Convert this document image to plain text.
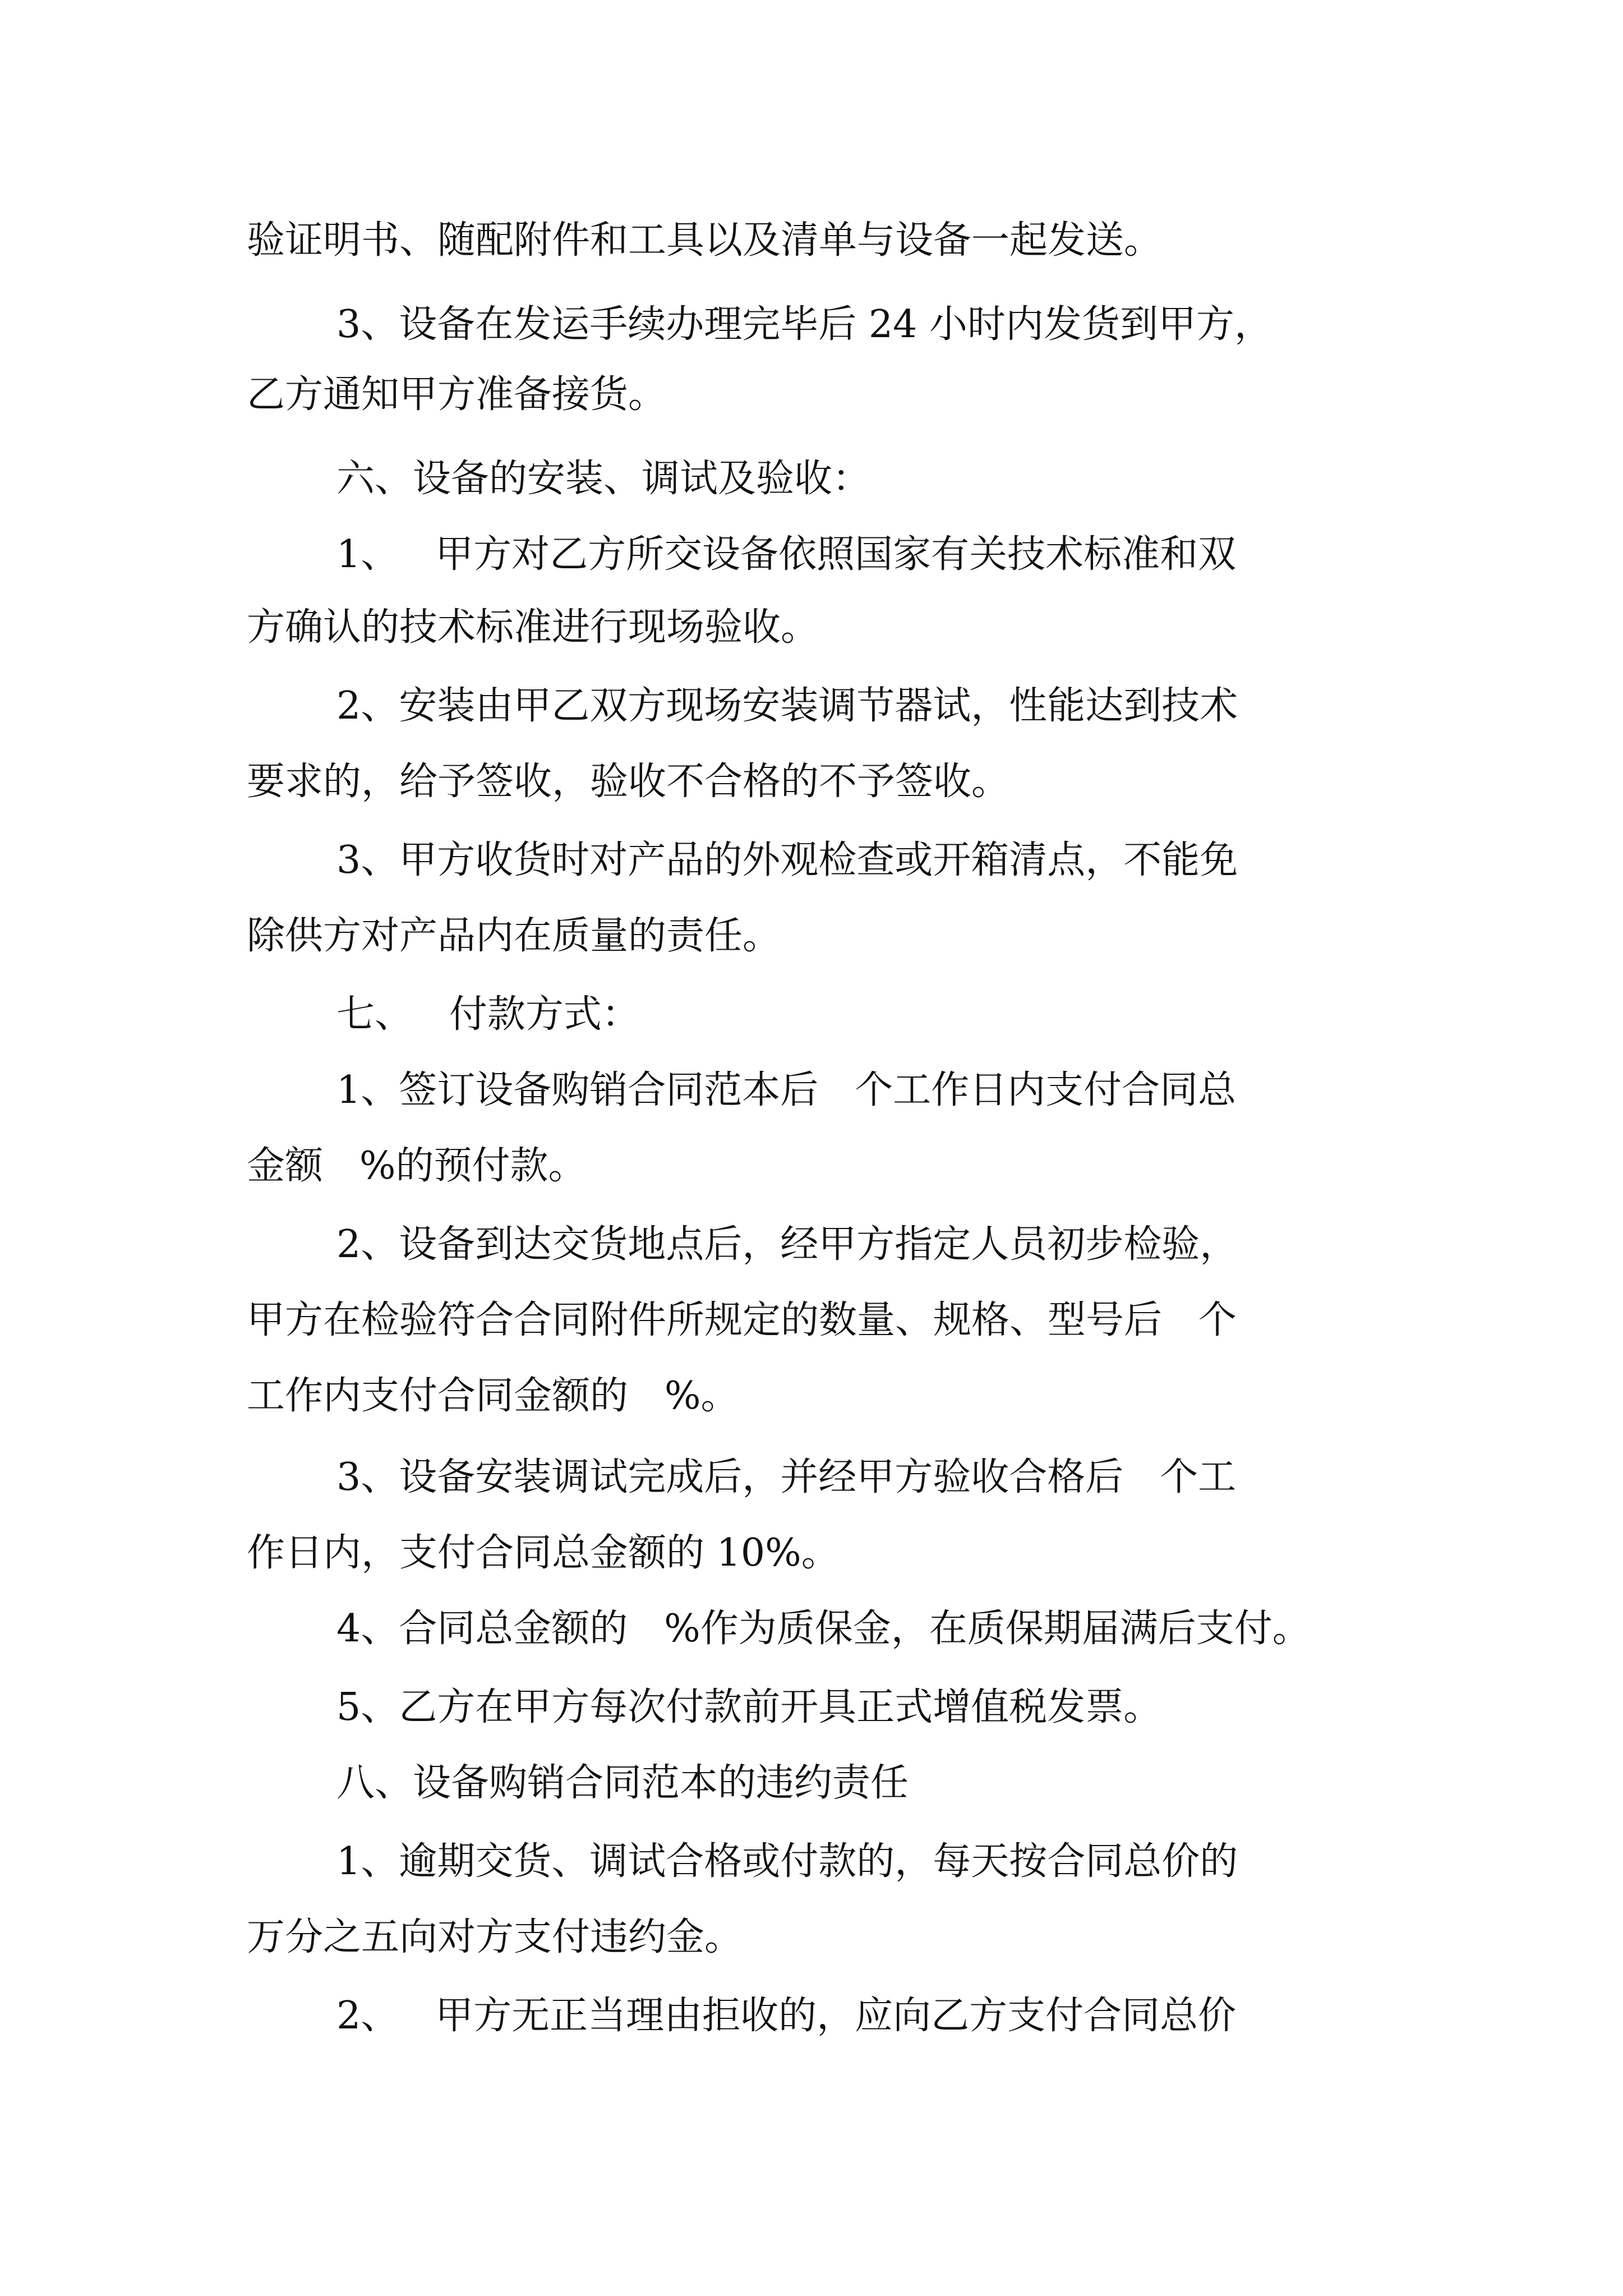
验证明书、随配附件和工具以及清单与设备一起发送。

3、设备在发运手续办理完毕后 24 小时内发货到甲方，

乙方通知甲方准备接货。

六、设备的安装、调试及验收：

1、   甲方对乙方所交设备依照国家有关技术标准和双

方确认的技术标准进行现场验收。

2、安装由甲乙双方现场安装调节器试，性能达到技术

要求的，给予签收，验收不合格的不予签收。

3、甲方收货时对产品的外观检查或开箱清点，不能免

除供方对产品内在质量的责任。

七、   付款方式：

1、签订设备购销合同范本后   个工作日内支付合同总

金额   %的预付款。

2、设备到达交货地点后，经甲方指定人员初步检验，

甲方在检验符合合同附件所规定的数量、规格、型号后   个

工作内支付合同金额的   %。

3、设备安装调试完成后，并经甲方验收合格后   个工

作日内，支付合同总金额的 10%。

4、合同总金额的   %作为质保金，在质保期届满后支付。

5、乙方在甲方每次付款前开具正式增值税发票。

八、设备购销合同范本的违约责任

1、逾期交货、调试合格或付款的，每天按合同总价的

万分之五向对方支付违约金。

2、   甲方无正当理由拒收的，应向乙方支付合同总价
